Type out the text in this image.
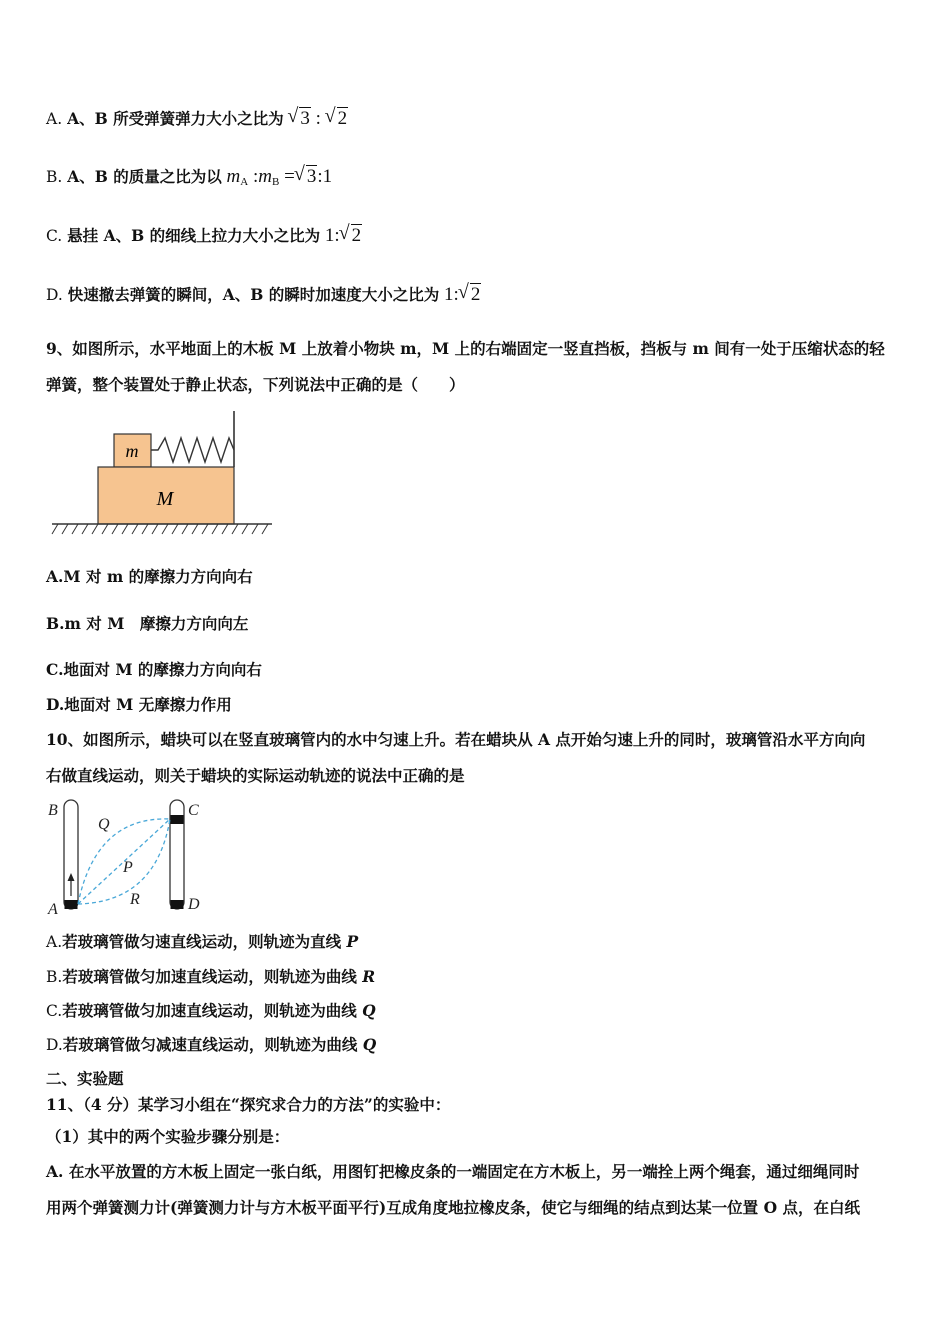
A. A、B 所受弹簧弹力大小之比为 √ 3 : √ 2
B. A、B 的质量之比为以 $m_A$ $:m_B$ = √ 3:1
C. 悬挂 A、B 的细线上拉力大小之比为 1: √ 2
D. 快速撤去弹簧的瞬间，A、B 的瞬时加速度大小之比为 1: √ 2
9、如图所示，水平地面上的木板 M 上放着小物块 m，M 上的右端固定一竖直挡板，挡板与 m 间有一处于压缩状态的轻
弹簧，整个装置处于静止状态，下列说法中正确的是（　　）
m
M
A.M 对 m 的摩擦力方向向右
B.m 对 M　摩擦力方向向左
C.地面对 M 的摩擦力方向向右
D.地面对 M 无摩擦力作用
10、如图所示，蜡块可以在竖直玻璃管内的水中匀速上升。若在蜡块从 A 点开始匀速上升的同时，玻璃管沿水平方向向
右做直线运动，则关于蜡块的实际运动轨迹的说法中正确的是
B
A
Q
P
R
C
D
A.若玻璃管做匀速直线运动，则轨迹为直线 P
B.若玻璃管做匀加速直线运动，则轨迹为曲线 R
C.若玻璃管做匀加速直线运动，则轨迹为曲线 Q
D.若玻璃管做匀减速直线运动，则轨迹为曲线 Q
二、实验题
11、（4 分）某学习小组在“探究求合力的方法”的实验中：
（1）其中的两个实验步骤分别是：
A. 在水平放置的方木板上固定一张白纸，用图钉把橡皮条的一端固定在方木板上，另一端拴上两个绳套，通过细绳同时
用两个弹簧测力计(弹簧测力计与方木板平面平行)互成角度地拉橡皮条，使它与细绳的结点到达某一位置 O 点，在白纸
